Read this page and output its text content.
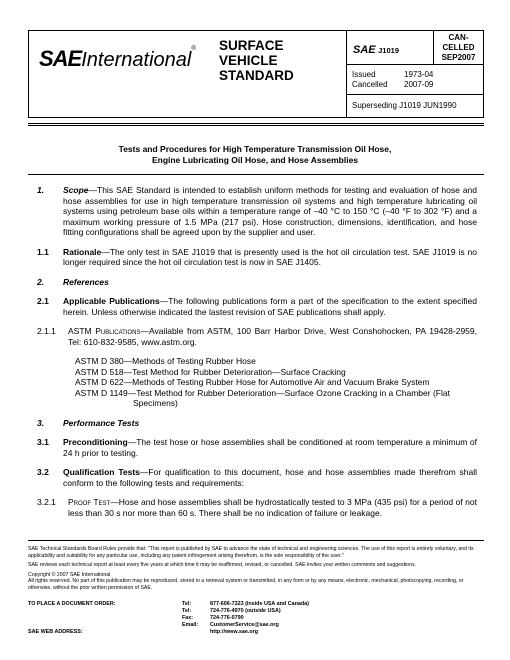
SAEInternational® SURFACE
VEHICLE
STANDARD
SAE J1019
CAN-
CELLED
SEP2007
Issued	1973-04
Cancelled 2007-09
Superseding J1019 JUN1990
Tests and Procedures for High Temperature Transmission Oil Hose,
Engine Lubricating Oil Hose, and Hose Assemblies
1. Scope—This SAE Standard is intended to establish uniform methods for testing and evaluation of hose and hose assemblies for use in high temperature transmission oil systems and high temperature lubricating oil systems using petroleum base oils within a temperature range of –40 °C to 150 °C (–40 °F to 302 °F) and a maximum working pressure of 1.5 MPa (217 psi). Hose construction, dimensions, identification, and hose fitting configurations shall be agreed upon by the supplier and user.
1.1 Rationale—The only test in SAE J1019 that is presently used is the hot oil circulation test. SAE J1019 is no longer required since the hot oil circulation test is now in SAE J1405.
2. References
2.1 Applicable Publications—The following publications form a part of the specification to the extent specified herein. Unless otherwise indicated the lastest revision of SAE publications shall apply.
2.1.1 ASTM Publications—Available from ASTM, 100 Barr Harbor Drive, West Conshohocken, PA 19428-2959, Tel: 610-832-9585, www.astm.org.
ASTM D 380—Methods of Testing Rubber Hose
ASTM D 518—Test Method for Rubber Deterioration—Surface Cracking
ASTM D 622—Methods of Testing Rubber Hose for Automotive Air and Vacuum Brake System
ASTM D 1149—Test Method for Rubber Deterioration—Surface Ozone Cracking in a Chamber (Flat Specimens)
3. Performance Tests
3.1 Preconditioning—The test hose or hose assemblies shall be conditioned at room temperature a minimum of 24 h prior to testing.
3.2 Qualification Tests—For qualification to this document, hose and hose assemblies made therefrom shall conform to the following tests and requirements:
3.2.1 Proof Test—Hose and hose assemblies shall be hydrostatically tested to 3 MPa (435 psi) for a period of not less than 30 s nor more than 60 s. There shall be no indication of failure or leakage.

SAE Technical Standards Board Rules provide that: "This report is published by SAE to advance the state of technical and engineering sciences. The use of this report is entirely voluntary, and its applicability and suitability for any particular use, including any patent infringement arising therefrom, is the sole responsibility of the user."

SAE reviews each technical report at least every five years at which time it may be reaffirmed, revised, or cancelled. SAE invites your written comments and suggestions.

Copyright © 2007 SAE International

All rights reserved. No part of this publication may be reproduced, stored in a retrieval system or transmitted, in any form or by any means, electronic, mechanical, photocopying, recording, or otherwise, without the prior written permission of SAE.

TO PLACE A DOCUMENT ORDER:	Tel:	877-606-7323 (inside USA and Canada)
Tel:	724-776-4970 (outside USA)
Fax:	724-776-0790
Email: CustomerService@sae.org
SAE WEB ADDRESS:	http://www.sae.org
